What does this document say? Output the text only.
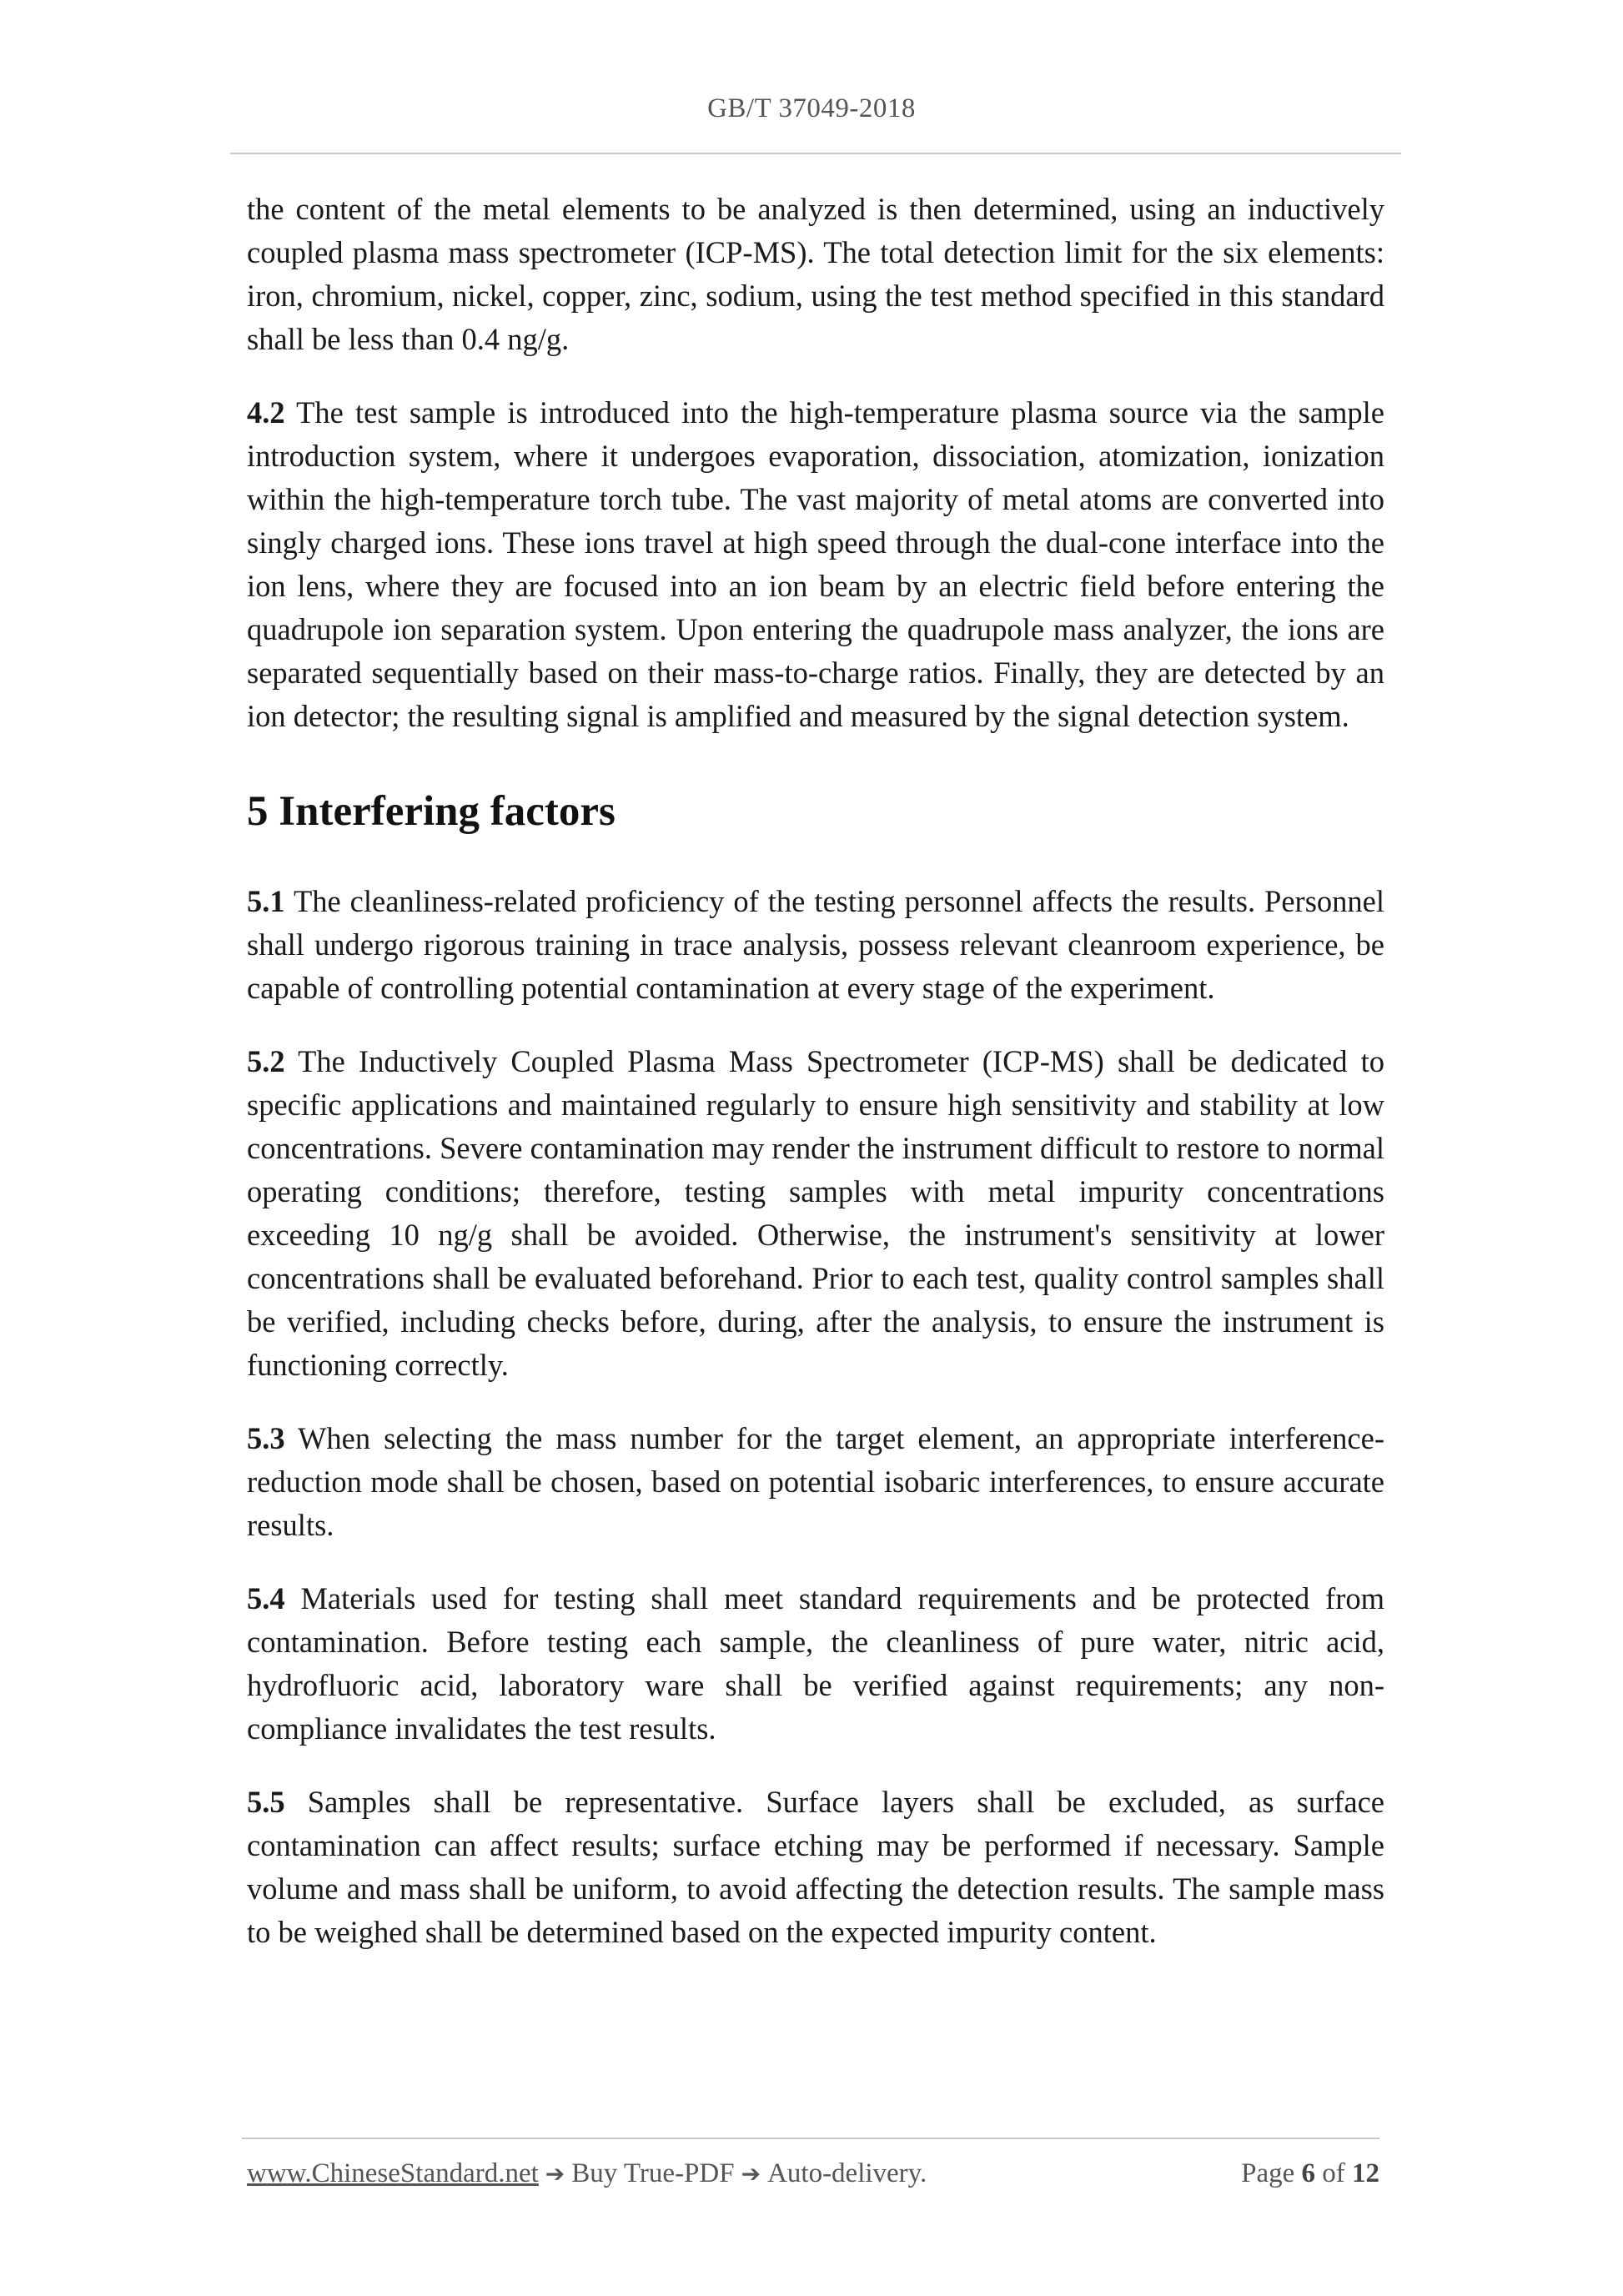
GB/T 37049-2018

the content of the metal elements to be analyzed is then determined, using an inductively coupled plasma mass spectrometer (ICP-MS). The total detection limit for the six elements: iron, chromium, nickel, copper, zinc, sodium, using the test method specified in this standard shall be less than 0.4 ng/g.

4.2 The test sample is introduced into the high-temperature plasma source via the sample introduction system, where it undergoes evaporation, dissociation, atomization, ionization within the high-temperature torch tube. The vast majority of metal atoms are converted into singly charged ions. These ions travel at high speed through the dual-cone interface into the ion lens, where they are focused into an ion beam by an electric field before entering the quadrupole ion separation system. Upon entering the quadrupole mass analyzer, the ions are separated sequentially based on their mass-to-charge ratios. Finally, they are detected by an ion detector; the resulting signal is amplified and measured by the signal detection system.

5 Interfering factors

5.1 The cleanliness-related proficiency of the testing personnel affects the results. Personnel shall undergo rigorous training in trace analysis, possess relevant cleanroom experience, be capable of controlling potential contamination at every stage of the experiment.

5.2 The Inductively Coupled Plasma Mass Spectrometer (ICP-MS) shall be dedicated to specific applications and maintained regularly to ensure high sensitivity and stability at low concentrations. Severe contamination may render the instrument difficult to restore to normal operating conditions; therefore, testing samples with metal impurity concentrations exceeding 10 ng/g shall be avoided. Otherwise, the instrument's sensitivity at lower concentrations shall be evaluated beforehand. Prior to each test, quality control samples shall be verified, including checks before, during, after the analysis, to ensure the instrument is functioning correctly.

5.3 When selecting the mass number for the target element, an appropriate interference-reduction mode shall be chosen, based on potential isobaric interferences, to ensure accurate results.

5.4 Materials used for testing shall meet standard requirements and be protected from contamination. Before testing each sample, the cleanliness of pure water, nitric acid, hydrofluoric acid, laboratory ware shall be verified against requirements; any non-compliance invalidates the test results.

5.5 Samples shall be representative. Surface layers shall be excluded, as surface contamination can affect results; surface etching may be performed if necessary. Sample volume and mass shall be uniform, to avoid affecting the detection results. The sample mass to be weighed shall be determined based on the expected impurity content.

www.ChineseStandard.net ➔ Buy True-PDF ➔ Auto-delivery.	Page 6 of 12
